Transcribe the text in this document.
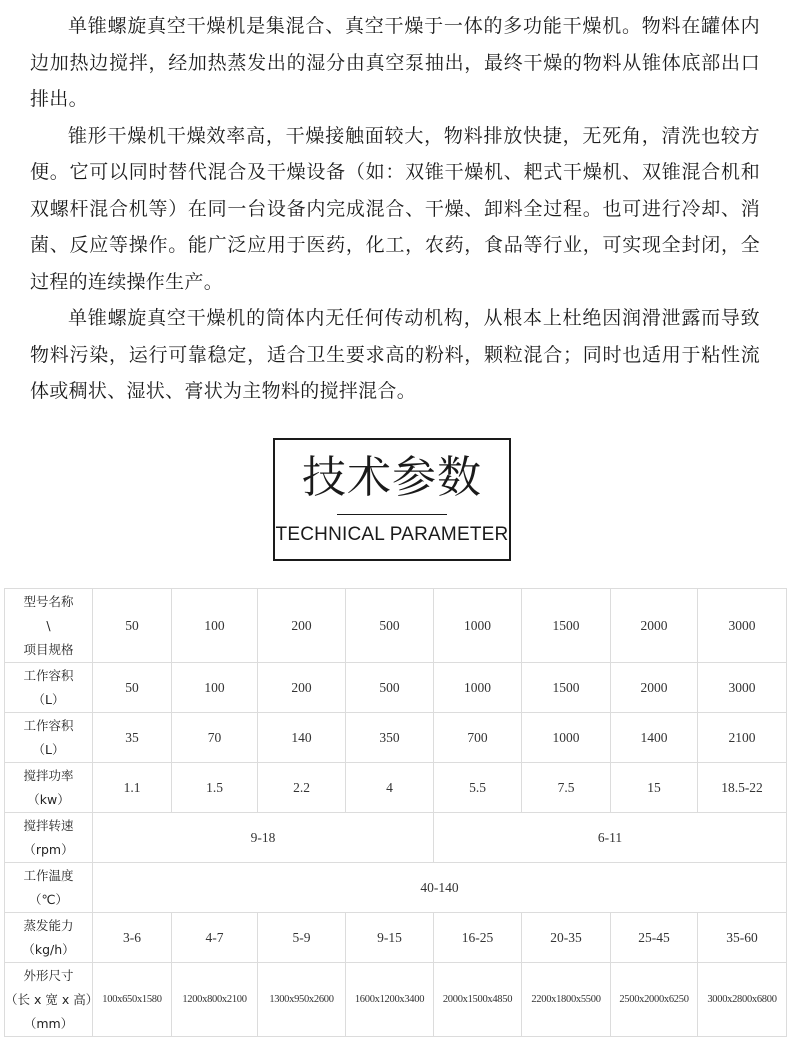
单锥螺旋真空干燥机是集混合、真空干燥于一体的多功能干燥机。物料在罐体内边加热边搅拌，经加热蒸发出的湿分由真空泵抽出，最终干燥的物料从锥体底部出口排出。

锥形干燥机干燥效率高，干燥接触面较大，物料排放快捷，无死角，清洗也较方便。它可以同时替代混合及干燥设备（如：双锥干燥机、耙式干燥机、双锥混合机和双螺杆混合机等）在同一台设备内完成混合、干燥、卸料全过程。也可进行冷却、消菌、反应等操作。能广泛应用于医药，化工，农药，食品等行业，可实现全封闭，全过程的连续操作生产。

单锥螺旋真空干燥机的筒体内无任何传动机构，从根本上杜绝因润滑泄露而导致物料污染，运行可靠稳定，适合卫生要求高的粉料，颗粒混合；同时也适用于粘性流体或稠状、湿状、膏状为主物料的搅拌混合。

技术参数
TECHNICAL PARAMETER
型号名称
\
项目规格	50	100	200	500	1000	1500	2000	3000

工作容积
（L）	50	100	200	500	1000	1500	2000	3000

工作容积
（L）	35	70	140	350	700	1000	1400	2100

搅拌功率
（kw）	1.1	1.5	2.2	4	5.5	7.5	15	18.5-22

搅拌转速
（rpm）	9-18				6-11			

工作温度
（℃）	40-140							

蒸发能力
（kg/h）	3-6	4-7	5-9	9-15	16-25	20-35	25-45	35-60

外形尺寸
（长 x 宽 x 高）
（mm）	100x650x1580	1200x800x2100	1300x950x2600	1600x1200x3400	2000x1500x4850	2200x1800x5500	2500x2000x6250	3000x2800x6800
